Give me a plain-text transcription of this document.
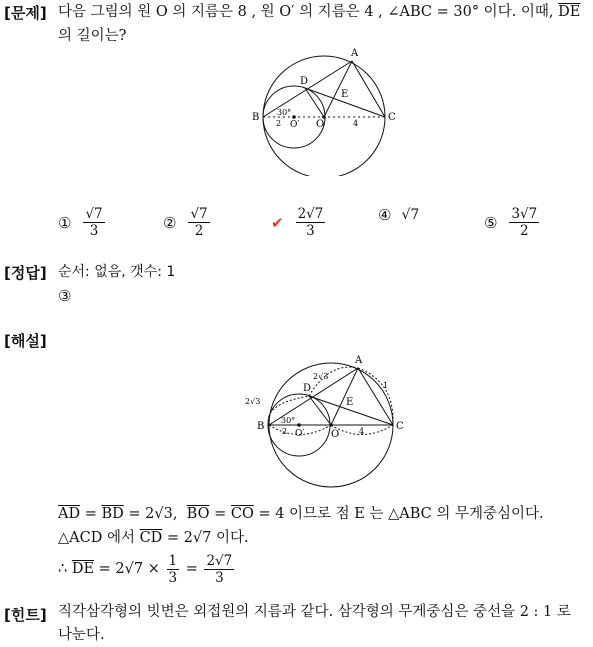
[문제] 다음 그림의 원 O 의 지름은 8 , 원 O′ 의 지름은 4 , ∠ABC = 30° 이다. 이때, $\overline{DE}$
의 길이는?
A
B	C
D
E
O
O′
30°
2	4
① $\frac{√7}{3}$	② $\frac{√7}{2}$	✔ $\frac{2√7}{3}$	④ √7	⑤ $\frac{3√7}{2}$
[정답] 순서: 없음, 갯수: 1
③
[해설]
A
B	C
D
E
O
O′
30°
2	4
1
2√3
2√3
$\overline{AD} = \overline{BD} = 2√3$, $\overline{BO} = \overline{CO} = 4$ 이므로 점 E 는 △ABC 의 무게중심이다.
△ACD 에서 $\overline{CD} = 2√7$ 이다.
∴ $\overline{DE} = 2√7 \times \frac{1}{3} = \frac{2√7}{3}$
[힌트] 직각삼각형의 빗변은 외접원의 지름과 같다. 삼각형의 무게중심은 중선을 2 : 1 로
나눈다.
